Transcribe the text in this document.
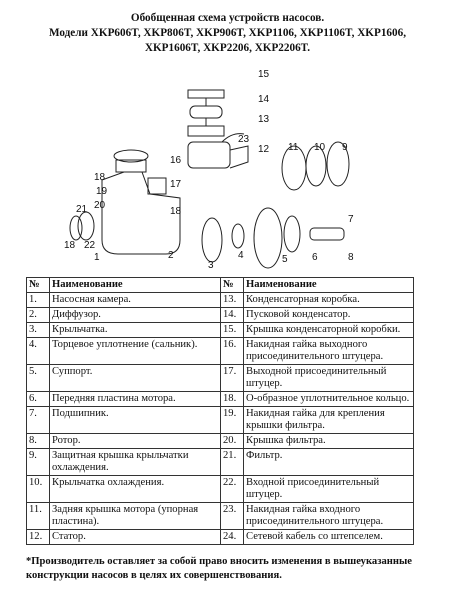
Обобщенная схема устройств насосов.
Модели XKP606T, XKP806T, XKP906T, XKP1106, XKP1106T, XKP1606,
XKP1606T, XKP2206, XKP2206T.
15
14
13
23
12 11 10 9
16
17
18
18
19
20
21
22
18
1	2
3
4	5 6
7
8
№	Наименование	№	Наименование
1.	Насосная камера.	13.	Конденсаторная коробка.
2.	Диффузор.	14.	Пусковой конденсатор.
3.	Крыльчатка.	15.	Крышка конденсаторной коробки.
4.	Торцевое уплотнение (сальник).	16.	Накидная гайка выходного присоединительного штуцера.
5.	Суппорт.	17.	Выходной присоединительный штуцер.
6.	Передняя пластина мотора.	18.	О-образное уплотнительное кольцо.
7.	Подшипник.	19.	Накидная гайка для крепления крышки фильтра.
8.	Ротор.	20.	Крышка фильтра.
9.	Защитная крышка крыльчатки охлаждения.	21.	Фильтр.
10.	Крыльчатка охлаждения.	22.	Входной присоединительный штуцер.
11.	Задняя крышка мотора (упорная пластина).	23.	Накидная гайка входного присоединительного штуцера.
12.	Статор.	24.	Сетевой кабель со штепселем.
*Производитель оставляет за собой право вносить изменения в вышеуказанные конструкции насосов в целях их совершенствования.
